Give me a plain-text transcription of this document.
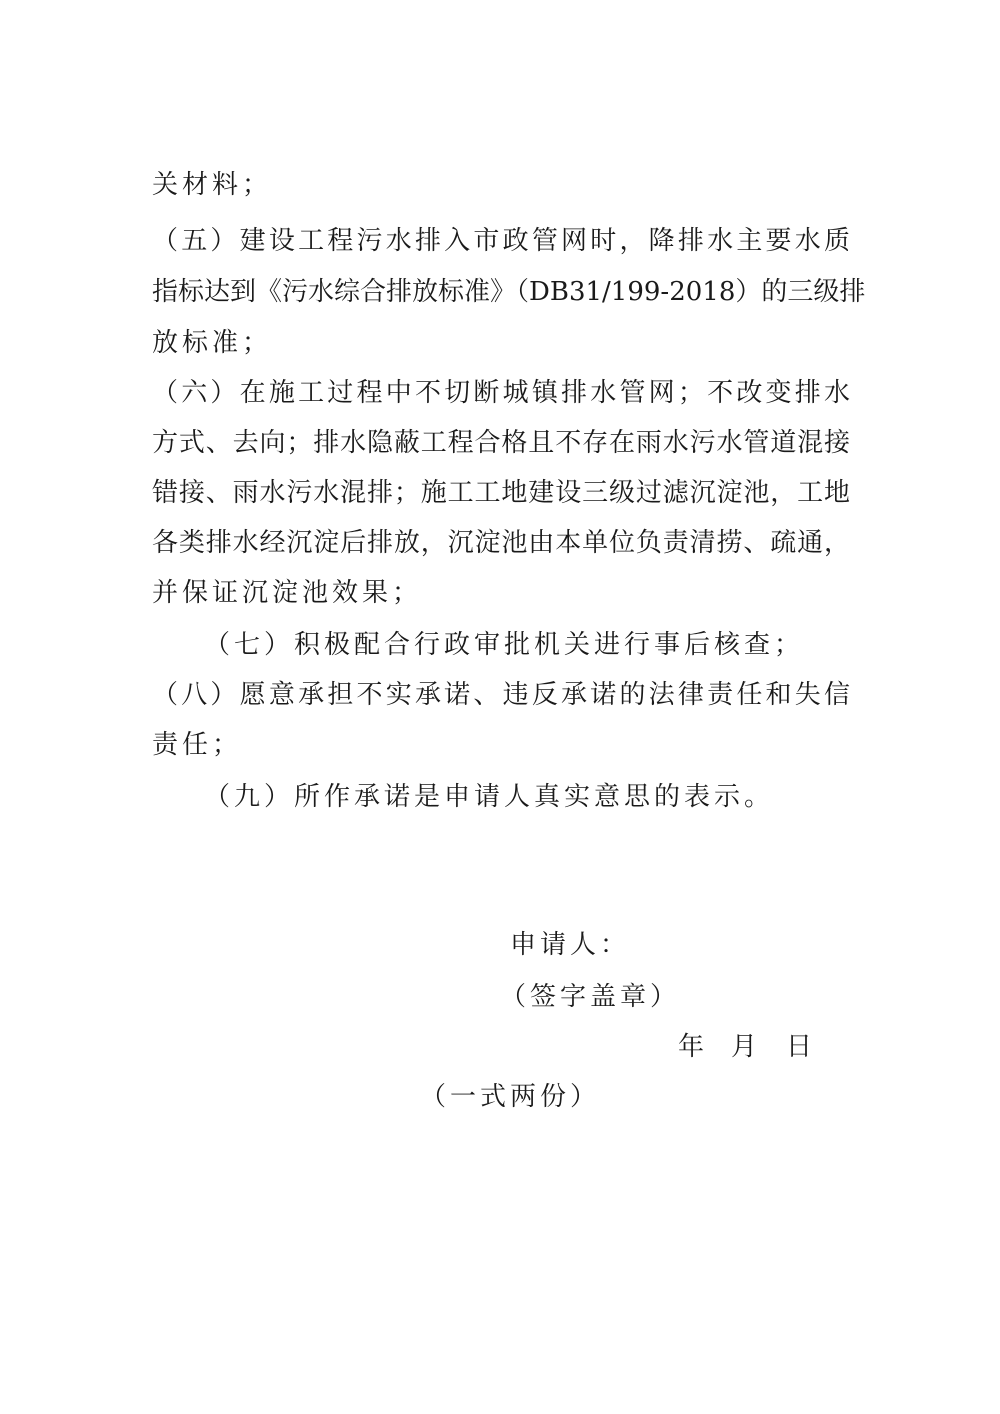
关材料；
（五）建设工程污水排入市政管网时，降排水主要水质
指标达到《污水综合排放标准》（DB31/199-2018）的三级排
放标准；
（六）在施工过程中不切断城镇排水管网；不改变排水
方式、去向；排水隐蔽工程合格且不存在雨水污水管道混接
错接、雨水污水混排；施工工地建设三级过滤沉淀池，工地
各类排水经沉淀后排放，沉淀池由本单位负责清捞、疏通，
并保证沉淀池效果；
（七）积极配合行政审批机关进行事后核查；
（八）愿意承担不实承诺、违反承诺的法律责任和失信
责任；
（九）所作承诺是申请人真实意思的表示。
申请人：
（签字盖章）
年 月 日
（一式两份）
